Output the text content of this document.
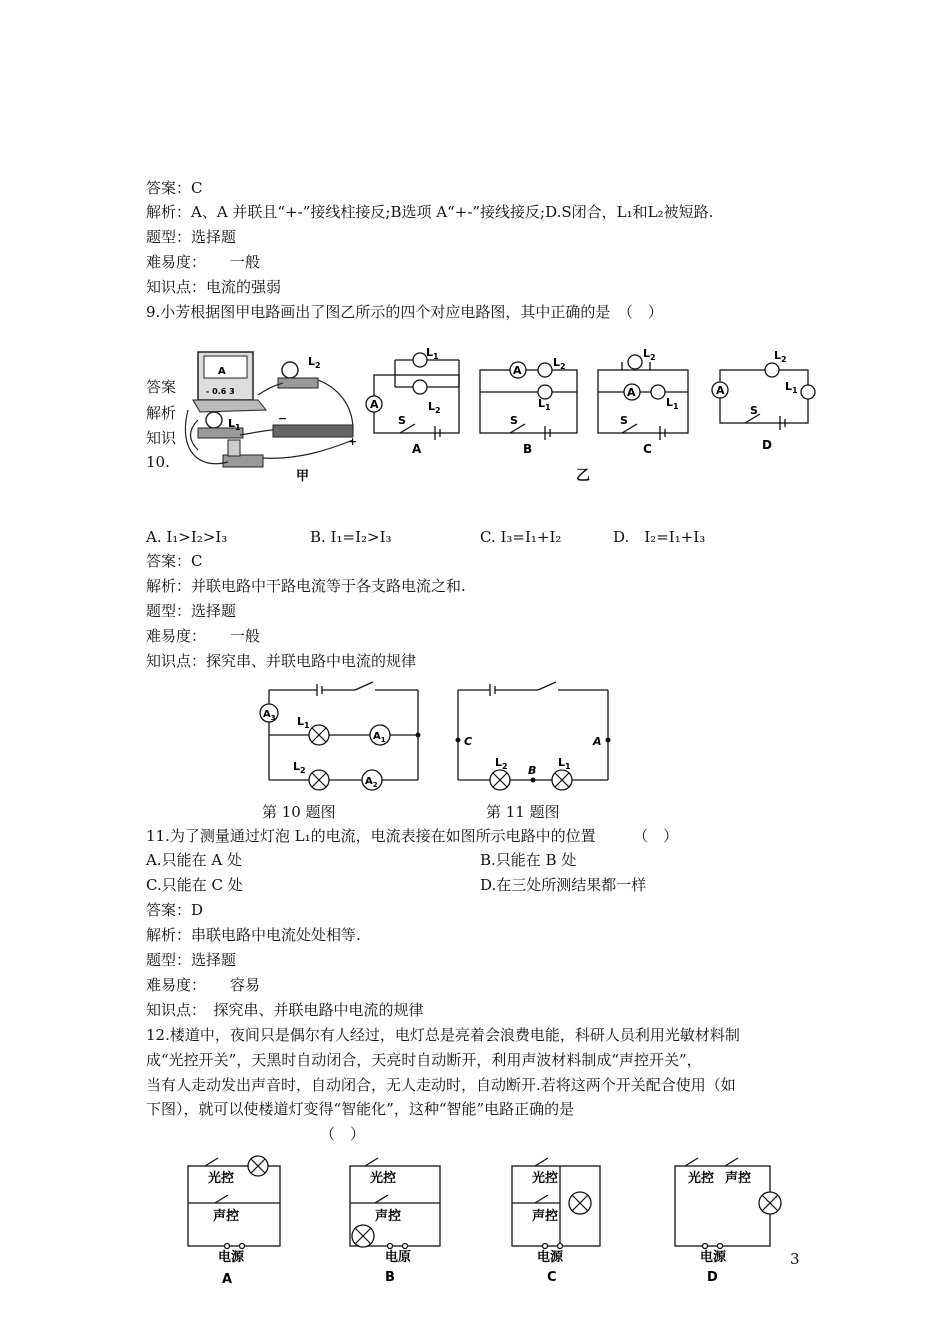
答案：C
解析：A、A 并联且“+-”接线柱接反;B选项 A“+-”接线接反;D.S闭合，L₁和L₂被短路.
题型：选择题
难易度： 一般
知识点：电流的强弱
9.小芳根据图甲电路画出了图乙所示的四个对应电路图，其中正确的是　（　）
答案
解析
知识
10.
A
- 0.6 3
$L_2$
$L_1$
+
−
甲
A
$L_1$
$L_2$
S
A
$L_2$
$L_1$
S
A
$L_2$
$L_1$
S
A
$L_2$
$L_1$
S
A	B	C	D
乙
A. I₁>I₂>I₃	B. I₁=I₂>I₃	C. I₃=I₁+I₂	D.　I₂=I₁+I₃
答案：C
解析：并联电路中干路电流等于各支路电流之和.
题型：选择题
难易度： 一般
知识点：探究串、并联电路中电流的规律
$A_3$
$A_1$
$A_2$
$L_1$
$L_2$
第 10 题图
C	A
B
$L_2$	$L_1$
第 11 题图
11.为了测量通过灯泡 L₁的电流，电流表接在如图所示电路中的位置　　　（　）
A.只能在 A 处	B.只能在 B 处
C.只能在 C 处	D.在三处所测结果都一样
答案：D
解析：串联电路中电流处处相等.
题型：选择题
难易度： 容易
知识点：　探究串、并联电路中电流的规律
12.楼道中，夜间只是偶尔有人经过，电灯总是亮着会浪费电能，科研人员利用光敏材料制
成“光控开关”，天黑时自动闭合，天亮时自动断开，利用声波材料制成“声控开关”，
当有人走动发出声音时，自动闭合，无人走动时，自动断开.若将这两个开关配合使用（如
下图），就可以使楼道灯变得“智能化”，这种“智能”电路正确的是
（　）
光控
声控
电源
光控
声控
电原
光控
声控
电源
光控 声控
电源
A	B	C	D
3
